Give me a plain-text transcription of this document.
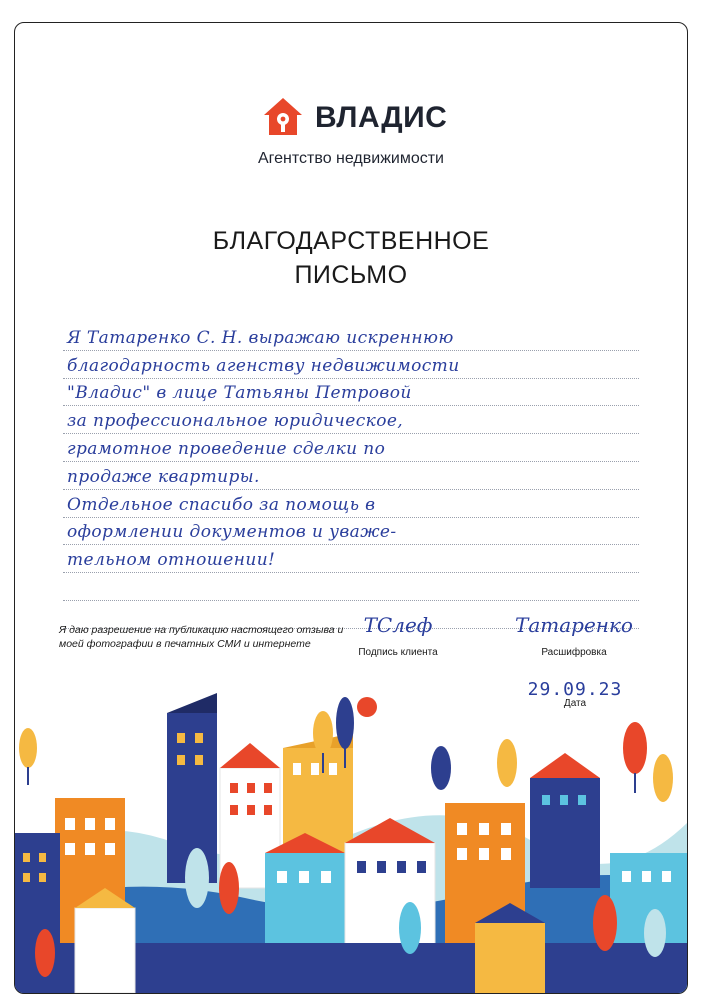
ВЛАДИС
Агентство недвижимости
БЛАГОДАРСТВЕННОЕ
ПИСЬМО
Я Татаренко С. Н. выражаю искреннюю
благодарность агенству недвижимости
"Владис" в лице Татьяны Петровой
за профессиональное юридическое,
грамотное проведение сделки по
продаже квартиры.
Отдельное спасибо за помощь в
оформлении документов и уваже-
тельном отношении!
Я даю разрешение на публикацию настоящего отзыва и моей фотографии в печатных СМИ и интернете
ТСлеф
Подпись клиента
Татаренко
Расшифровка
29.09.23
Дата
